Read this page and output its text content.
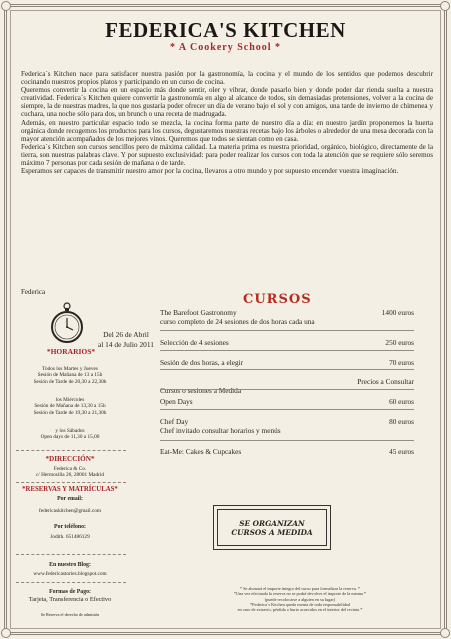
FEDERICA'S KITCHEN
* A Cookery School *

Federica´s Kitchen nace para satisfacer nuestra pasión por la gastronomía, la cocina y el mundo de los sentidos que podemos descubrir cocinando nuestros propios platos y participando en un curso de cocina.

Queremos convertir la cocina en un espacio más donde sentir, oler y vibrar, donde pasarlo bien y donde poder dar rienda suelta a nuestra creatividad. Federica´s Kitchen quiere convertir la gastronomía en algo al alcance de todos, sin demasiadas pretensiones, volver a la cocina de siempre, la de nuestras madres, la que nos gustaría poder ofrecer un día de verano bajo el sol y con amigos, una tarde de invierno de chimenea y cuchara, una noche sólo para dos, un brunch o una receta de madrugada.

Además, en nuestro particular espacio todo se mezcla, la cocina forma parte de nuestro día a día: en nuestro jardín proponemos la huerta orgánica donde recogemos los productos para los cursos, degustaremos nuestras recetas bajo los árboles o alrededor de una mesa decorada con la mayor atención acompañados de los mejores vinos. Queremos que todos se sientan como en casa.

Federica´s Kitchen son cursos sencillos pero de máxima calidad. La materia prima es nuestra prioridad, orgánico, biológico, directamente de la tierra, son nuestras palabras clave. Y por supuesto exclusividad: para poder realizar los cursos con toda la atención que se requiere sólo seremos máximo 7 personas por cada sesión de mañana o de tarde.

Esperamos ser capaces de transmitir nuestro amor por la cocina, llevaros a otro mundo y por supuesto encender vuestra imaginación.

Federica
*HORARIOS*
Del 26 de Abril
al 14 de Julio 2011
Todos los Martes y Jueves
Sesión de Mañana de 13 a 15h
Sesión de Tarde de 20,30 a 22,30h
los Miércoles
Sesión de Mañana de 13,30 a 15h
Sesión de Tarde de 19,30 a 21,30h
y los Sábados
Open days de 11,30 a 15,00
*DIRECCIÓN*
Federica & Co.
c/ Hermosilla 26, 28001 Madrid
*RESERVAS Y MATRÍCULAS*
Por email:
federicaskitchen@gmail.com
Por teléfono:
Jodith. 651486129
En nuestro Blog:
www.federicastories.blogspot.com
Formas de Pago:
Tarjeta, Transferencia o Efectivo
Se Reserva el derecho de admisión
CURSOS
1400 euros
The Barefoot Gastronomy
curso completo de 24 sesiones de dos horas cada una
250 euros
Selección de 4 sesiones
70 euros
Sesión de dos horas, a elegir
Precios a Consultar
Cursos o sesiones a Medida
60 euros
Open Days
80 euros
Chef Day
Chef invitado consultar horarios y menús
45 euros
Eat-Me: Cakes & Cupcakes
SE ORGANIZAN
CURSOS A MEDIDA
* Se abonará el importe íntegro del curso para formalizar la reserva. *
*Una vez efectuada la reserva no se podrá devolver el importe de la misma *
(puede recolocarse a alguien en su lugar)
*Federica´s Kitchen queda exenta de toda responsabilidad
en caso de extravío, pérdida o hurto acaecidos en el interior del recinto.*
